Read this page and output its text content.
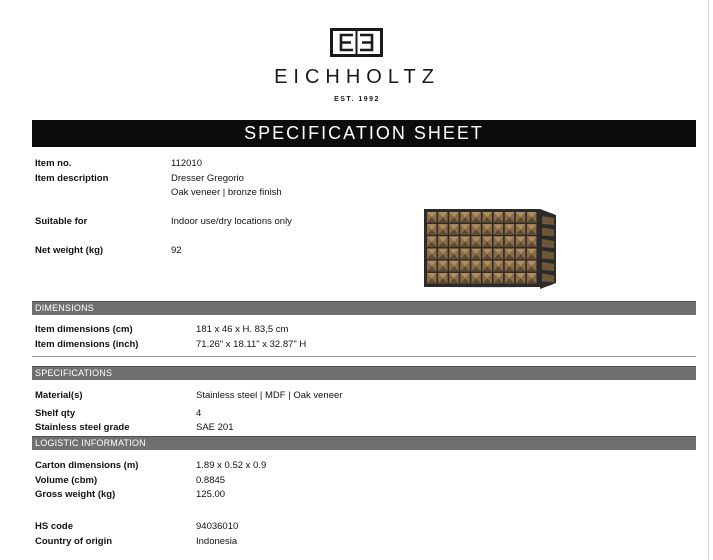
EICHHOLTZ
EST. 1992
SPECIFICATION SHEET
Item no.	112010
Item description	Dresser Gregorio
Oak veneer | bronze finish
Suitable for	Indoor use/dry locations only
Net weight (kg)	92
DIMENSIONS
Item dimensions (cm)	181 x 46 x H. 83,5 cm
Item dimensions (inch)	71.26" x 18.11" x 32.87" H
SPECIFICATIONS
Material(s)	Stainless steel | MDF | Oak veneer
Shelf qty	4
Stainless steel grade	SAE 201
LOGISTIC INFORMATION
Carton dimensions (m)	1.89 x 0.52 x 0.9
Volume (cbm)	0.8845
Gross weight (kg)	125.00
HS code	94036010
Country of origin	Indonesia
